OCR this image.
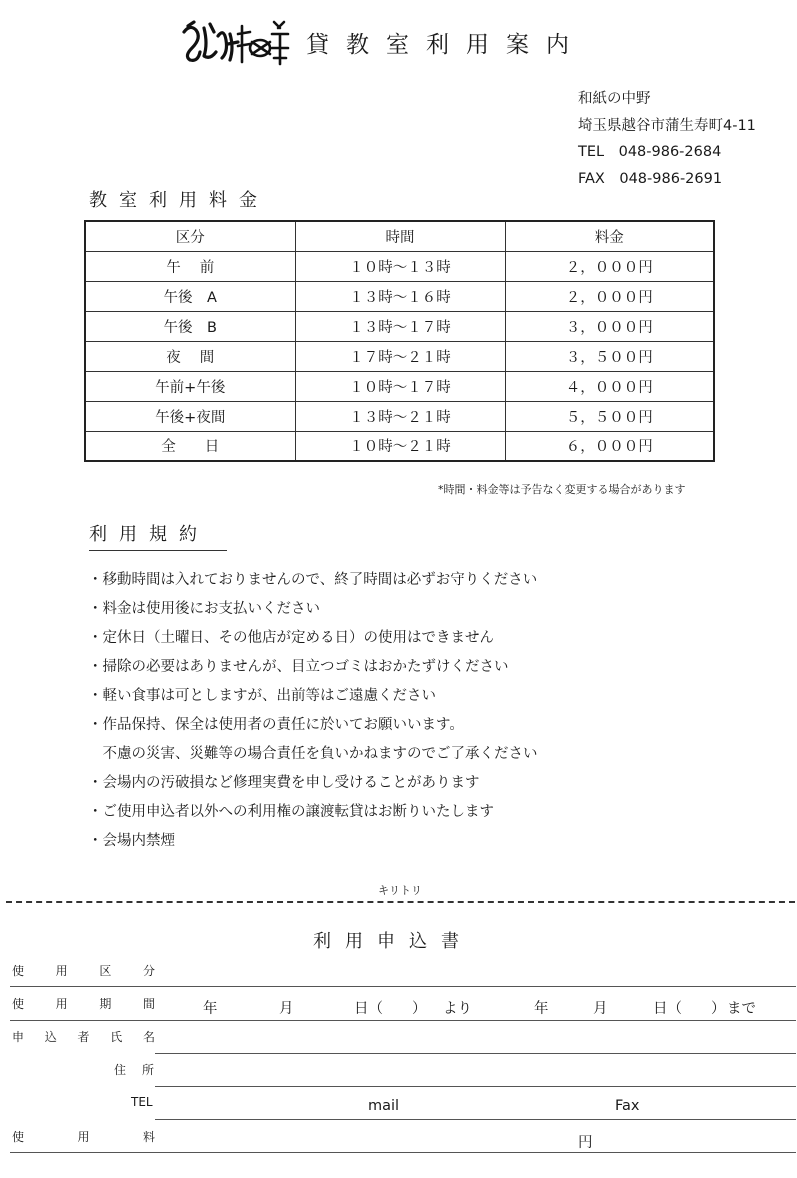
貸教室利用案内
和紙の中野
埼玉県越谷市蒲生寿町4-11
TEL　048-986-2684
FAX　048-986-2691
教室利用料金
区分	時間	料金
午　 前	１０時～１３時	２，０００円
午後　A	１３時～１６時	２，０００円
午後　B	１３時～１７時	３，０００円
夜　 間	１７時～２１時	３，５００円
午前+午後	１０時～１７時	４，０００円
午後+夜間	１３時～２１時	５，５００円
全　　日	１０時～２１時	６，０００円
*時間・料金等は予告なく変更する場合があります
利用規約
・移動時間は入れておりませんので、終了時間は必ずお守りください
・料金は使用後にお支払いください
・定休日（土曜日、その他店が定める日）の使用はできません
・掃除の必要はありませんが、目立つゴミはおかたずけください
・軽い食事は可としますが、出前等はご遠慮ください
・作品保持、保全は使用者の責任に於いてお願いいます。
　不慮の災害、災難等の場合責任を負いかねますのでご了承ください
・会場内の汚破損など修理実費を申し受けることがあります
・ご使用申込者以外への利用権の譲渡転貸はお断りいたします
・会場内禁煙
キリトリ
利用申込書
使	用	区	分
使	用	期	間	年	月	日（　　） より	年	月	日（　　） まで
申 込 者 氏 名
住 所
TEL	mail	Fax
使	用	料	円
